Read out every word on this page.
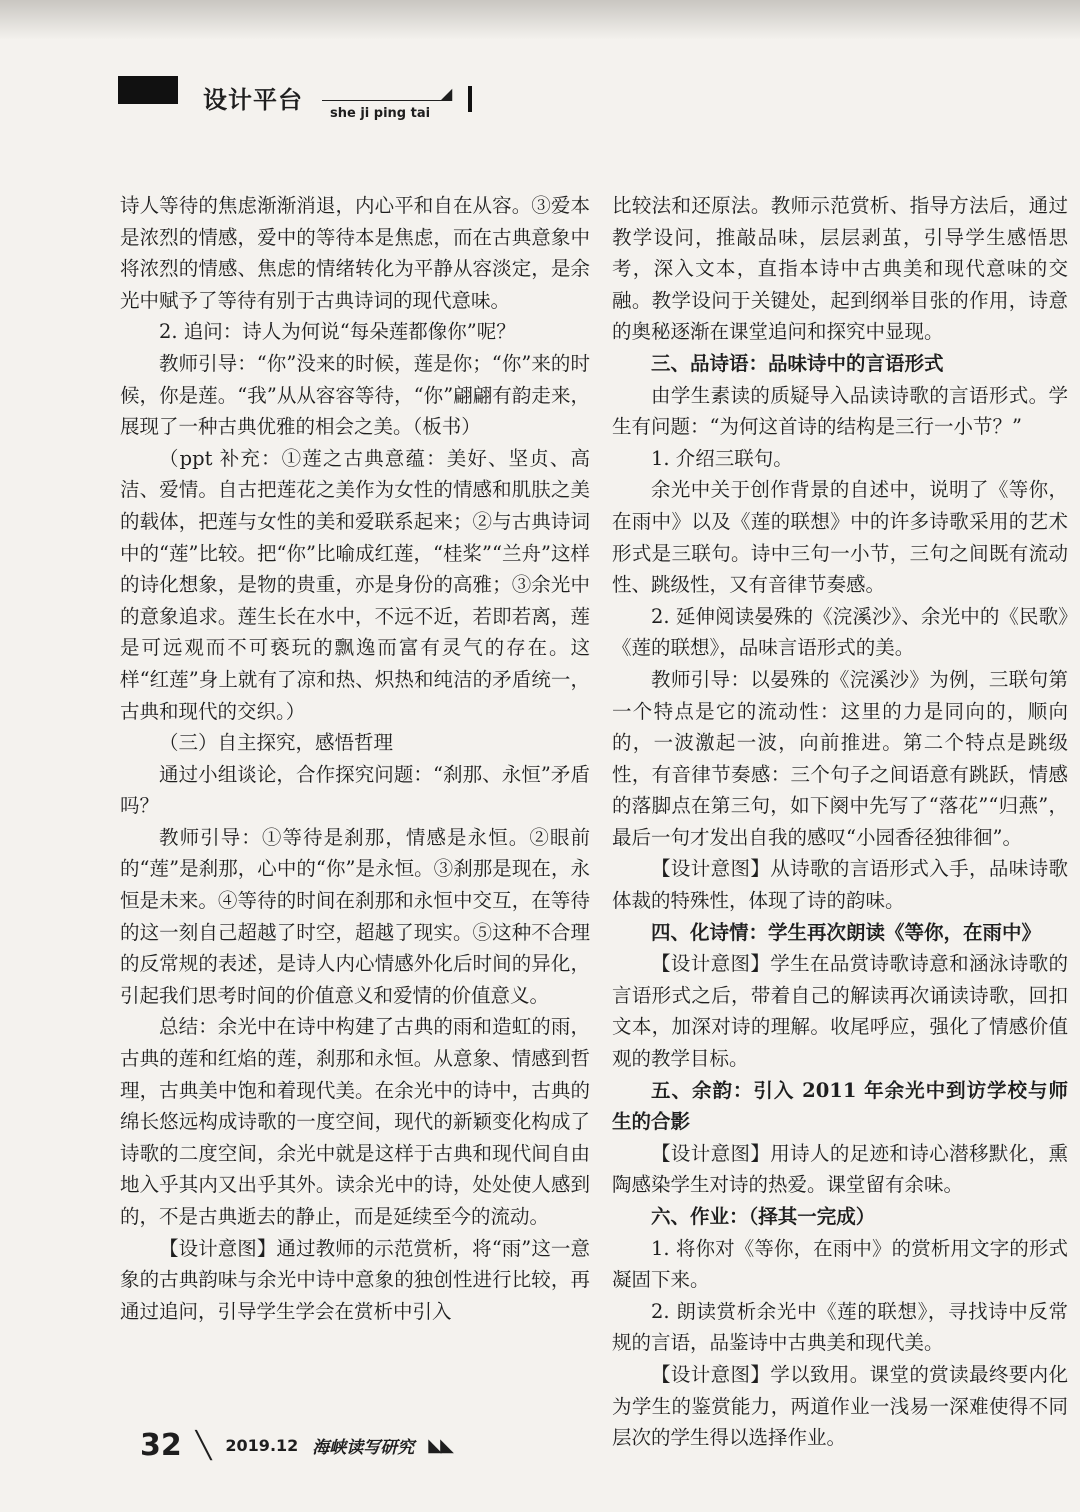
设计平台	◢
she ji ping tai

诗人等待的焦虑渐渐消退，内心平和自在从容。③爱本是浓烈的情感，爱中的等待本是焦虑，而在古典意象中将浓烈的情感、焦虑的情绪转化为平静从容淡定，是余光中赋予了等待有别于古典诗词的现代意味。

2. 追问：诗人为何说“每朵莲都像你”呢？

教师引导：“你”没来的时候，莲是你；“你”来的时候，你是莲。“我”从从容容等待，“你”翩翩有韵走来，展现了一种古典优雅的相会之美。（板书）

（ppt 补充：①莲之古典意蕴：美好、坚贞、高洁、爱情。自古把莲花之美作为女性的情感和肌肤之美的载体，把莲与女性的美和爱联系起来；②与古典诗词中的“莲”比较。把“你”比喻成红莲，“桂桨”“兰舟”这样的诗化想象，是物的贵重，亦是身份的高雅；③余光中的意象追求。莲生长在水中，不远不近，若即若离，莲是可远观而不可亵玩的飘逸而富有灵气的存在。这样“红莲”身上就有了凉和热、炽热和纯洁的矛盾统一，古典和现代的交织。）

（三）自主探究，感悟哲理

通过小组谈论，合作探究问题：“刹那、永恒”矛盾吗？

教师引导：①等待是刹那，情感是永恒。②眼前的“莲”是刹那，心中的“你”是永恒。③刹那是现在，永恒是未来。④等待的时间在刹那和永恒中交互，在等待的这一刻自己超越了时空，超越了现实。⑤这种不合理的反常规的表述，是诗人内心情感外化后时间的异化，引起我们思考时间的价值意义和爱情的价值意义。

总结：余光中在诗中构建了古典的雨和造虹的雨，古典的莲和红焰的莲，刹那和永恒。从意象、情感到哲理，古典美中饱和着现代美。在余光中的诗中，古典的绵长悠远构成诗歌的一度空间，现代的新颖变化构成了诗歌的二度空间，余光中就是这样于古典和现代间自由地入乎其内又出乎其外。读余光中的诗，处处使人感到的，不是古典逝去的静止，而是延续至今的流动。

【设计意图】通过教师的示范赏析，将“雨”这一意象的古典韵味与余光中诗中意象的独创性进行比较，再通过追问，引导学生学会在赏析中引入

比较法和还原法。教师示范赏析、指导方法后，通过教学设问，推敲品味，层层剥茧，引导学生感悟思考，深入文本，直指本诗中古典美和现代意味的交融。教学设问于关键处，起到纲举目张的作用，诗意的奥秘逐渐在课堂追问和探究中显现。

三、品诗语：品味诗中的言语形式

由学生素读的质疑导入品读诗歌的言语形式。学生有问题：“为何这首诗的结构是三行一小节？”

1. 介绍三联句。

余光中关于创作背景的自述中，说明了《等你，在雨中》以及《莲的联想》中的许多诗歌采用的艺术形式是三联句。诗中三句一小节，三句之间既有流动性、跳级性，又有音律节奏感。

2. 延伸阅读晏殊的《浣溪沙》、余光中的《民歌》《莲的联想》，品味言语形式的美。

教师引导：以晏殊的《浣溪沙》为例，三联句第一个特点是它的流动性：这里的力是同向的，顺向的，一波激起一波，向前推进。第二个特点是跳级性，有音律节奏感：三个句子之间语意有跳跃，情感的落脚点在第三句，如下阕中先写了“落花”“归燕”，最后一句才发出自我的感叹“小园香径独徘徊”。

【设计意图】从诗歌的言语形式入手，品味诗歌体裁的特殊性，体现了诗的韵味。

四、化诗情：学生再次朗读《等你，在雨中》

【设计意图】学生在品赏诗歌诗意和涵泳诗歌的言语形式之后，带着自己的解读再次诵读诗歌，回扣文本，加深对诗的理解。收尾呼应，强化了情感价值观的教学目标。

五、余韵：引入 2011 年余光中到访学校与师生的合影

【设计意图】用诗人的足迹和诗心潜移默化，熏陶感染学生对诗的热爱。课堂留有余味。

六、作业：（择其一完成）

1. 将你对《等你，在雨中》的赏析用文字的形式凝固下来。

2. 朗读赏析余光中《莲的联想》，寻找诗中反常规的言语，品鉴诗中古典美和现代美。

【设计意图】学以致用。课堂的赏读最终要内化为学生的鉴赏能力，两道作业一浅易一深难使得不同层次的学生得以选择作业。

32 ╲ 2019.12 海峡读写研究 ◣◣
